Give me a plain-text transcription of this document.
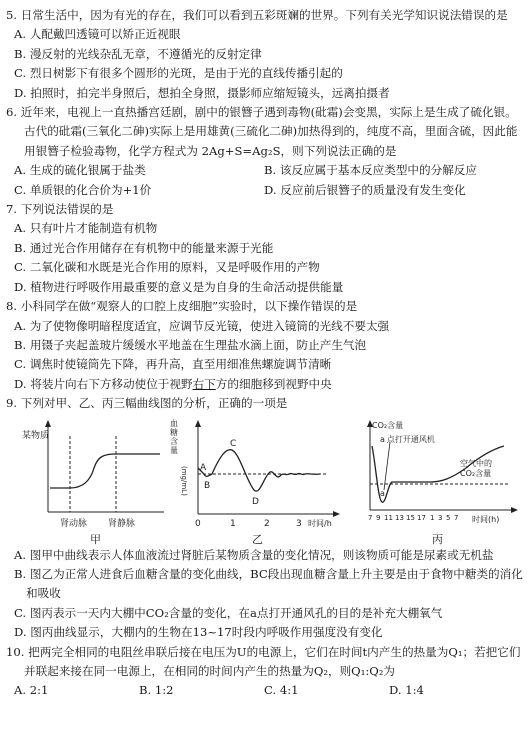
5. 日常生活中，因为有光的存在，我们可以看到五彩斑斓的世界。下列有关光学知识说法错误的是
A. 人配戴凹透镜可以矫正近视眼
B. 漫反射的光线杂乱无章，不遵循光的反射定律
C. 烈日树影下有很多个圆形的光斑，是由于光的直线传播引起的
D. 拍照时，拍完半身照后，想拍全身照，摄影师应缩短镜头，远离拍摄者
6. 近年来，电视上一直热播宫廷剧，剧中的银簪子遇到毒物(砒霜)会变黑，实际上是生成了硫化银。古代的砒霜(三氧化二砷)实际上是用雄黄(三硫化二砷)加热得到的，纯度不高，里面含硫，因此能用银簪子检验毒物，化学方程式为 2Ag+S=Ag₂S，则下列说法正确的是
A. 生成的硫化银属于盐类	B. 该反应属于基本反应类型中的分解反应
C. 单质银的化合价为+1价	D. 反应前后银簪子的质量没有发生变化
7. 下列说法错误的是
A. 只有叶片才能制造有机物
B. 通过光合作用储存在有机物中的能量来源于光能
C. 二氧化碳和水既是光合作用的原料，又是呼吸作用的产物
D. 植物进行呼吸作用最重要的意义是为自身的生命活动提供能量
8. 小科同学在做“观察人的口腔上皮细胞”实验时，以下操作错误的是
A. 为了使物像明暗程度适宜，应调节反光镜，使进入镜筒的光线不要太强
B. 用镊子夹起盖玻片缓缓水平地盖在生理盐水滴上面，防止产生气泡
C. 调焦时使镜筒先下降，再升高，直至用细准焦螺旋调节清晰
D. 将装片向右下方移动使位于视野右下方的细胞移到视野中央
9. 下列对甲、乙、丙三幅曲线图的分析，正确的一项是
某物质
肾动脉 肾静脉
甲
血糖含量
(mg/mL) A
B
C
D
0	1	2	3 时间/h
乙
CO₂含量
a 点打开通风机
a
空气中的
CO₂含量
7 9 11 13 15 17 1 3 5 7 时间(h)
丙
A. 图甲中曲线表示人体血液流过肾脏后某物质含量的变化情况，则该物质可能是尿素或无机盐
B. 图乙为正常人进食后血糖含量的变化曲线，BC段出现血糖含量上升主要是由于食物中糖类的消化和吸收
C. 图丙表示一天内大棚中CO₂含量的变化，在a点打开通风孔的目的是补充大棚氧气
D. 图丙曲线显示，大棚内的生物在13~17时段内呼吸作用强度没有变化
10. 把两完全相同的电阻丝串联后接在电压为U的电源上，它们在时间t内产生的热量为Q₁；若把它们并联起来接在同一电源上，在相同的时间内产生的热量为Q₂，则Q₁:Q₂为
A. 2:1	B. 1:2	C. 4:1	D. 1:4
